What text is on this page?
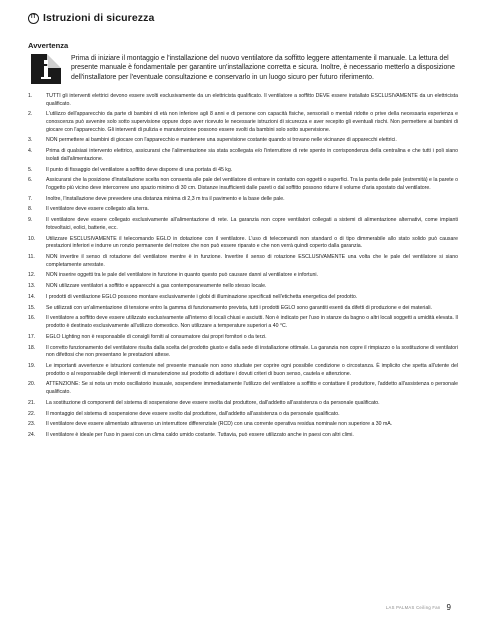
IT Istruzioni di sicurezza
Avvertenza
Prima di iniziare il montaggio e l'installazione del nuovo ventilatore da soffitto leggere attentamente il manuale. La lettura del presente manuale è fondamentale per garantire un'installazione corretta e sicura. Inoltre, è necessario metterlo a disposizione dell'installatore per l'eventuale consultazione e conservarlo in un luogo sicuro per futuro riferimento.
1.	TUTTI gli interventi elettrici devono essere svolti esclusivamente da un elettricista qualificato. Il ventilatore a soffitto DEVE essere installato ESCLUSIVAMENTE da un elettricista qualificato.
2.	L'utilizzo dell'apparecchio da parte di bambini di età non inferiore agli 8 anni e di persone con capacità fisiche, sensoriali o mentali ridotte o prive della necessaria esperienza e conoscenza può avvenire solo sotto supervisione oppure dopo aver ricevuto le necessarie istruzioni di sicurezza e aver recepito gli eventuali rischi. Non permettere ai bambini di giocare con l'apparecchio. Gli interventi di pulizia e manutenzione possono essere svolti da bambini solo sotto supervisione.
3.	NON permettere ai bambini di giocare con l'apparecchio e mantenere una supervisione costante quando si trovano nelle vicinanze di apparecchi elettrici.
4.	Prima di qualsiasi intervento elettrico, assicurarsi che l'alimentazione sia stata scollegata e/o l'interruttore di rete spento in corrispondenza della centralina e che tutti i poli siano isolati dall'alimentazione.
5.	Il punto di fissaggio del ventilatore a soffitto deve disporre di una portata di 45 kg.
6.	Assicurarsi che la posizione d'installazione scelta non consenta alle pale del ventilatore di entrare in contatto con oggetti o superfici. Tra la punta delle pale (estremità) e la parete o l'oggetto più vicino deve intercorrere uno spazio minimo di 30 cm. Distanze insufficienti dalle pareti o dal soffitto possono ridurre il volume d'aria spostato dal ventilatore.
7.	Inoltre, l'installazione deve prevedere una distanza minima di 2,3 m tra il pavimento e la base delle pale.
8.	Il ventilatore deve essere collegato alla terra.
9.	Il ventilatore deve essere collegato esclusivamente all'alimentazione di rete. La garanzia non copre ventilatori collegati a sistemi di alimentazione alternativi, come impianti fotovoltaici, eolici, batterie, ecc.
10.	Utilizzare ESCLUSIVAMENTE il telecomando EGLO in dotazione con il ventilatore. L'uso di telecomandi non standard o di tipo dimmerabile allo stato solido può causare prestazioni inferiori e indurre un ronzio permanente del motore che non può essere riparato e che non verrà quindi coperto dalla garanzia.
11.	NON invertire il senso di rotazione del ventilatore mentre è in funzione. Invertire il senso di rotazione ESCLUSIVAMENTE una volta che le pale del ventilatore si siano completamente arrestate.
12.	NON inserire oggetti tra le pale del ventilatore in funzione in quanto questo può causare danni al ventilatore e infortuni.
13.	NON utilizzare ventilatori a soffitto e apparecchi a gas contemporaneamente nello stesso locale.
14.	I prodotti di ventilazione EGLO possono montare esclusivamente i globi di illuminazione specificati nell'etichetta energetica del prodotto.
15.	Se utilizzati con un'alimentazione di tensione entro la gamma di funzionamento prevista, tutti i prodotti EGLO sono garantiti esenti da difetti di produzione e dei materiali.
16.	Il ventilatore a soffitto deve essere utilizzato esclusivamente all'interno di locali chiusi e asciutti. Non è indicato per l'uso in stanze da bagno o altri locali soggetti a umidità elevata. Il prodotto è destinato esclusivamente all'utilizzo domestico. Non utilizzare a temperature superiori a 40 °C.
17.	EGLO Lighting non è responsabile di consigli forniti al consumatore dai propri fornitori o da terzi.
18.	Il corretto funzionamento del ventilatore risulta dalla scelta del prodotto giusto e dalla sede di installazione ottimale. La garanzia non copre il rimpiazzo o la sostituzione di ventilatori non difettosi che non presentano le prestazioni attese.
19.	Le importanti avvertenze e istruzioni contenute nel presente manuale non sono studiate per coprire ogni possibile condizione o circostanza. È implicito che spetta all'utente del prodotto o al responsabile degli interventi di manutenzione sul prodotto di adottare i dovuti criteri di buon senso, cautela e attenzione.
20.	ATTENZIONE: Se si nota un moto oscillatorio inusuale, sospendere immediatamente l'utilizzo del ventilatore a soffitto e contattare il produttore, l'addetto all'assistenza o personale qualificato.
21.	La sostituzione di componenti del sistema di sospensione deve essere svolta dal produttore, dall'addetto all'assistenza o da personale qualificato.
22.	Il montaggio del sistema di sospensione deve essere svolto dal produttore, dall'addetto all'assistenza o da personale qualificato.
23.	Il ventilatore deve essere alimentato attraverso un interruttore differenziale (RCD) con una corrente operativa residua nominale non superiore a 30 mA.
24.	Il ventilatore è ideale per l'uso in paesi con un clima caldo umido costante. Tuttavia, può essere utilizzato anche in paesi con altri climi.
LAS PALMAS Ceiling Fan 9
